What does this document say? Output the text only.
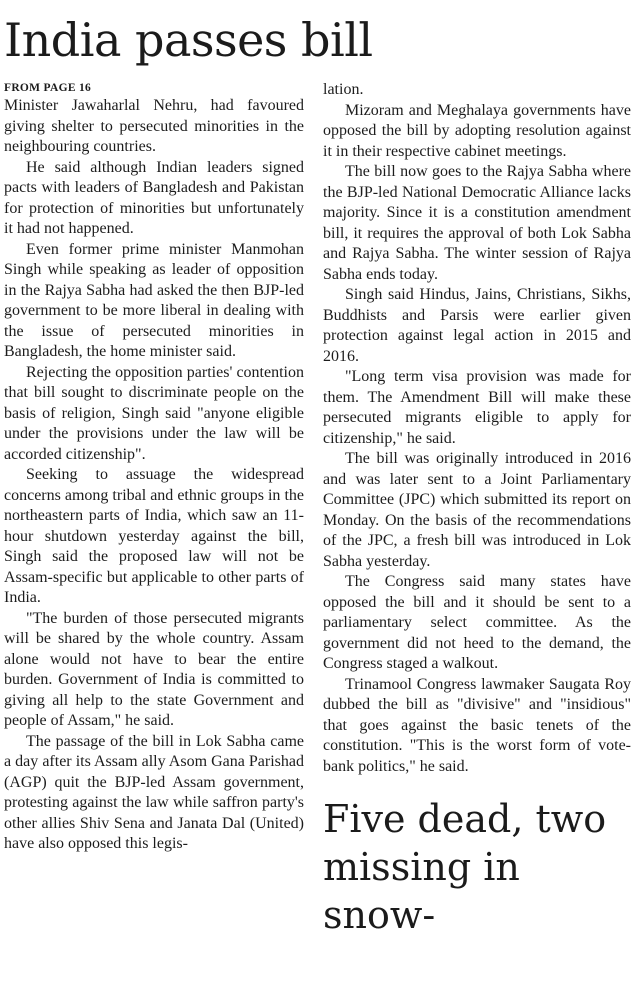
India passes bill
FROM PAGE 16

Minister Jawaharlal Nehru, had favoured giving shelter to persecuted minorities in the neighbouring countries.

He said although Indian leaders signed pacts with leaders of Bangladesh and Pakistan for protection of minorities but unfortunately it had not happened.

Even former prime minister Manmohan Singh while speaking as leader of opposition in the Rajya Sabha had asked the then BJP-led government to be more liberal in dealing with the issue of persecuted minorities in Bangladesh, the home minister said.

Rejecting the opposition parties' contention that bill sought to discriminate people on the basis of religion, Singh said "anyone eligible under the provisions under the law will be accorded citizenship".

Seeking to assuage the widespread concerns among tribal and ethnic groups in the northeastern parts of India, which saw an 11-hour shutdown yesterday against the bill, Singh said the proposed law will not be Assam-specific but applicable to other parts of India.

"The burden of those persecuted migrants will be shared by the whole country. Assam alone would not have to bear the entire burden. Government of India is committed to giving all help to the state Government and people of Assam," he said.

The passage of the bill in Lok Sabha came a day after its Assam ally Asom Gana Parishad (AGP) quit the BJP-led Assam government, protesting against the law while saffron party's other allies Shiv Sena and Janata Dal (United) have also opposed this legis-

lation.

Mizoram and Meghalaya governments have opposed the bill by adopting resolution against it in their respective cabinet meetings.

The bill now goes to the Rajya Sabha where the BJP-led National Democratic Alliance lacks majority. Since it is a constitution amendment bill, it requires the approval of both Lok Sabha and Rajya Sabha. The winter session of Rajya Sabha ends today.

Singh said Hindus, Jains, Christians, Sikhs, Buddhists and Parsis were earlier given protection against legal action in 2015 and 2016.

"Long term visa provision was made for them. The Amendment Bill will make these persecuted migrants eligible to apply for citizenship," he said.

The bill was originally introduced in 2016 and was later sent to a Joint Parliamentary Committee (JPC) which submitted its report on Monday. On the basis of the recommendations of the JPC, a fresh bill was introduced in Lok Sabha yesterday.

The Congress said many states have opposed the bill and it should be sent to a parliamentary select committee. As the government did not heed to the demand, the Congress staged a walkout.

Trinamool Congress lawmaker Saugata Roy dubbed the bill as "divisive" and "insidious" that goes against the basic tenets of the constitution. "This is the worst form of vote-bank politics," he said.

Five dead, two missing in snow-
